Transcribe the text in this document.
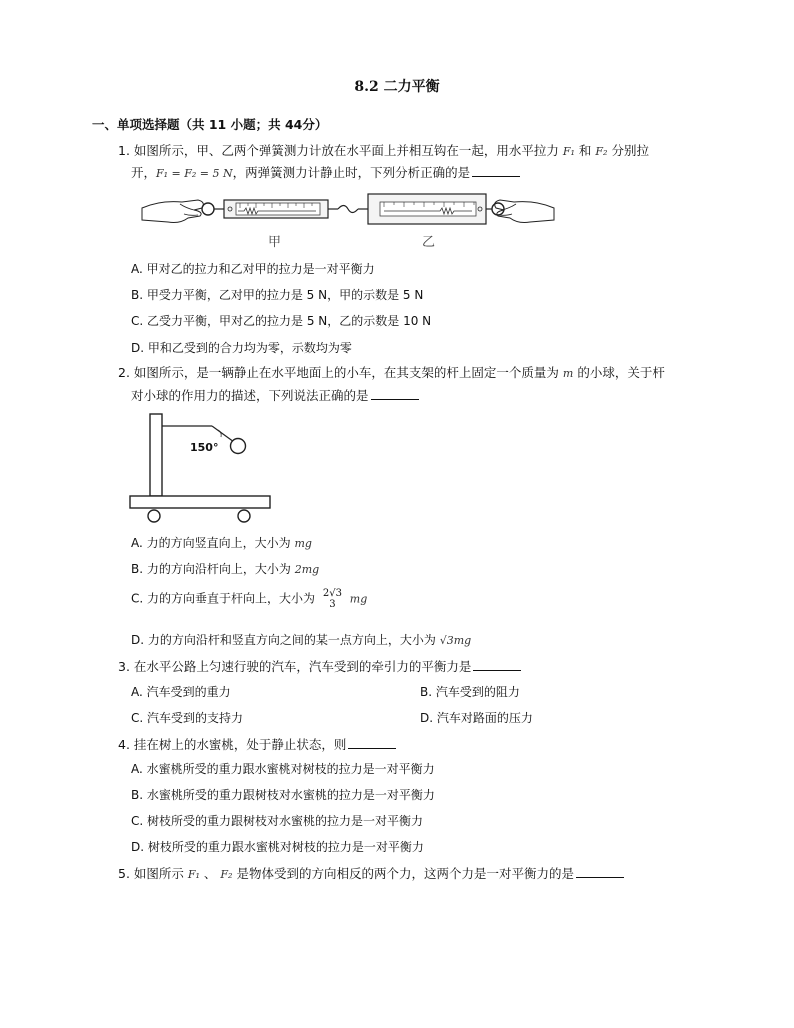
8.2 二力平衡
一、单项选择题（共 11 小题；共 44分）
1. 如图所示，甲、乙两个弹簧测力计放在水平面上并相互钩在一起，用水平拉力 F₁ 和 F₂ 分别拉
开，F₁ = F₂ = 5 N，两弹簧测力计静止时，下列分析正确的是
甲	乙
A. 甲对乙的拉力和乙对甲的拉力是一对平衡力
B. 甲受力平衡，乙对甲的拉力是 5 N，甲的示数是 5 N
C. 乙受力平衡，甲对乙的拉力是 5 N，乙的示数是 10 N
D. 甲和乙受到的合力均为零，示数均为零
2. 如图所示，是一辆静止在水平地面上的小车，在其支架的杆上固定一个质量为 m 的小球，关于杆
对小球的作用力的描述，下列说法正确的是
150°
A. 力的方向竖直向上，大小为 mg
B. 力的方向沿杆向上，大小为 2mg
C. 力的方向垂直于杆向上，大小为 2√3
3	mg
D. 力的方向沿杆和竖直方向之间的某一点方向上，大小为 √3mg
3. 在水平公路上匀速行驶的汽车，汽车受到的牵引力的平衡力是
A. 汽车受到的重力	B. 汽车受到的阻力
C. 汽车受到的支持力	D. 汽车对路面的压力
4. 挂在树上的水蜜桃，处于静止状态，则
A. 水蜜桃所受的重力跟水蜜桃对树枝的拉力是一对平衡力
B. 水蜜桃所受的重力跟树枝对水蜜桃的拉力是一对平衡力
C. 树枝所受的重力跟树枝对水蜜桃的拉力是一对平衡力
D. 树枝所受的重力跟水蜜桃对树枝的拉力是一对平衡力
5. 如图所示 F₁ 、 F₂ 是物体受到的方向相反的两个力，这两个力是一对平衡力的是
